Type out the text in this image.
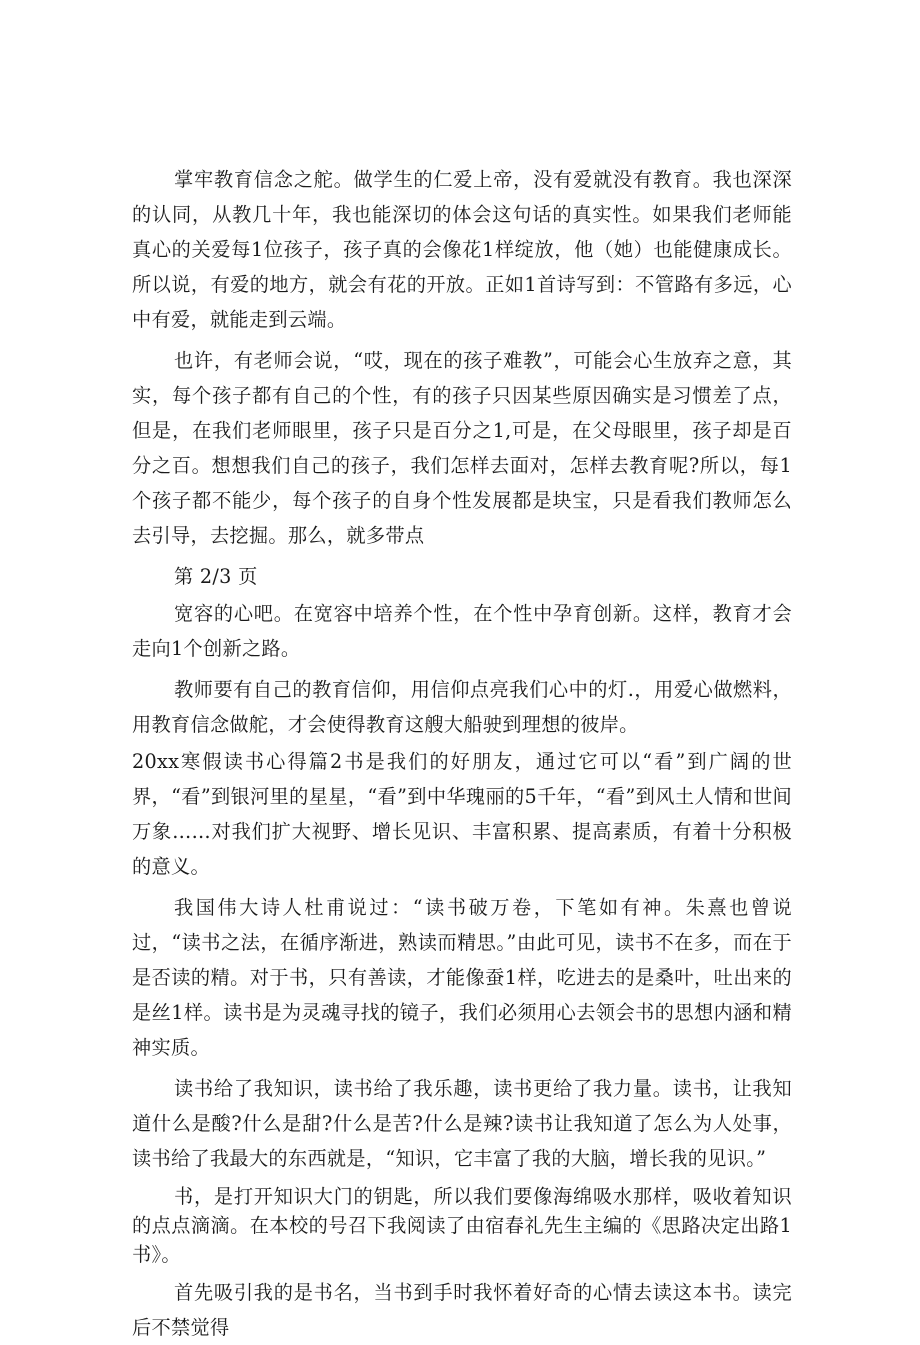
掌牢教育信念之舵。做学生的仁爱上帝，没有爱就没有教育。我也深深的认同，从教几十年，我也能深切的体会这句话的真实性。如果我们老师能真心的关爱每1位孩子，孩子真的会像花1样绽放，他（她）也能健康成长。所以说，有爱的地方，就会有花的开放。正如1首诗写到：不管路有多远，心中有爱，就能走到云端。

也许，有老师会说，“哎，现在的孩子难教”，可能会心生放弃之意，其实，每个孩子都有自己的个性，有的孩子只因某些原因确实是习惯差了点，但是，在我们老师眼里，孩子只是百分之1,可是，在父母眼里，孩子却是百分之百。想想我们自己的孩子，我们怎样去面对，怎样去教育呢?所以，每1个孩子都不能少，每个孩子的自身个性发展都是块宝，只是看我们教师怎么去引导，去挖掘。那么，就多带点

第 2/3 页

宽容的心吧。在宽容中培养个性，在个性中孕育创新。这样，教育才会走向1个创新之路。

教师要有自己的教育信仰，用信仰点亮我们心中的灯.，用爱心做燃料，用教育信念做舵，才会使得教育这艘大船驶到理想的彼岸。

20xx寒假读书心得篇2书是我们的好朋友，通过它可以“看”到广阔的世界，“看”到银河里的星星，“看”到中华瑰丽的5千年，“看”到风土人情和世间万象……对我们扩大视野、增长见识、丰富积累、提高素质，有着十分积极的意义。

我国伟大诗人杜甫说过：“读书破万卷，下笔如有神。朱熹也曾说过，“读书之法，在循序渐进，熟读而精思。”由此可见，读书不在多，而在于是否读的精。对于书，只有善读，才能像蚕1样，吃进去的是桑叶，吐出来的是丝1样。读书是为灵魂寻找的镜子，我们必须用心去领会书的思想内涵和精神实质。

读书给了我知识，读书给了我乐趣，读书更给了我力量。读书，让我知道什么是酸?什么是甜?什么是苦?什么是辣?读书让我知道了怎么为人处事，读书给了我最大的东西就是，“知识，它丰富了我的大脑，增长我的见识。”

书，是打开知识大门的钥匙，所以我们要像海绵吸水那样，吸收着知识的点点滴滴。在本校的号召下我阅读了由宿春礼先生主编的《思路决定出路1书》。

首先吸引我的是书名，当书到手时我怀着好奇的心情去读这本书。读完后不禁觉得
